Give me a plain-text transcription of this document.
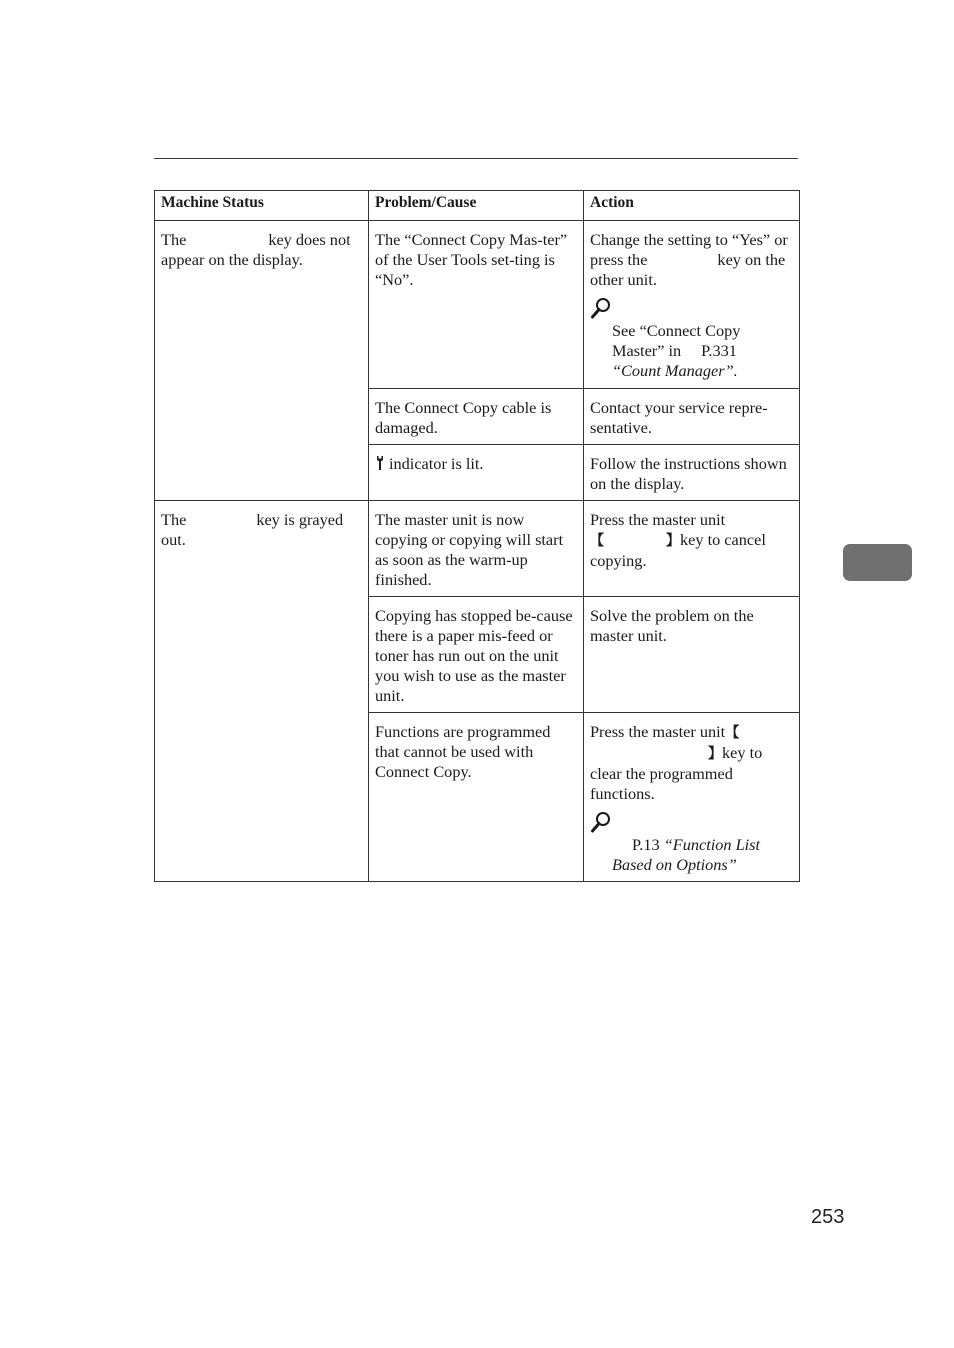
Machine Status	Problem/Cause	Action

The key does not appear on the display.	The “Connect Copy Mas-ter” of the User Tools set-ting is “No”.	Change the setting to “Yes” or press the key on the other unit.
See “Connect Copy Master” in P.331
“Count Manager”.

	The Connect Copy cable is damaged.	Contact your service repre-sentative.

	indicator is lit.	Follow the instructions shown on the display.

The key is grayed out.	The master unit is now copying or copying will start as soon as the warm-up finished.	Press the master unit
【 】key to cancel copying.

	Copying has stopped be-cause there is a paper mis-feed or toner has run out on the unit you wish to use as the master unit.	Solve the problem on the master unit.

	Functions are programmed that cannot be used with Connect Copy.	Press the master unit【
】key to clear the programmed functions.
P.13 “Function List Based on Options”
253
